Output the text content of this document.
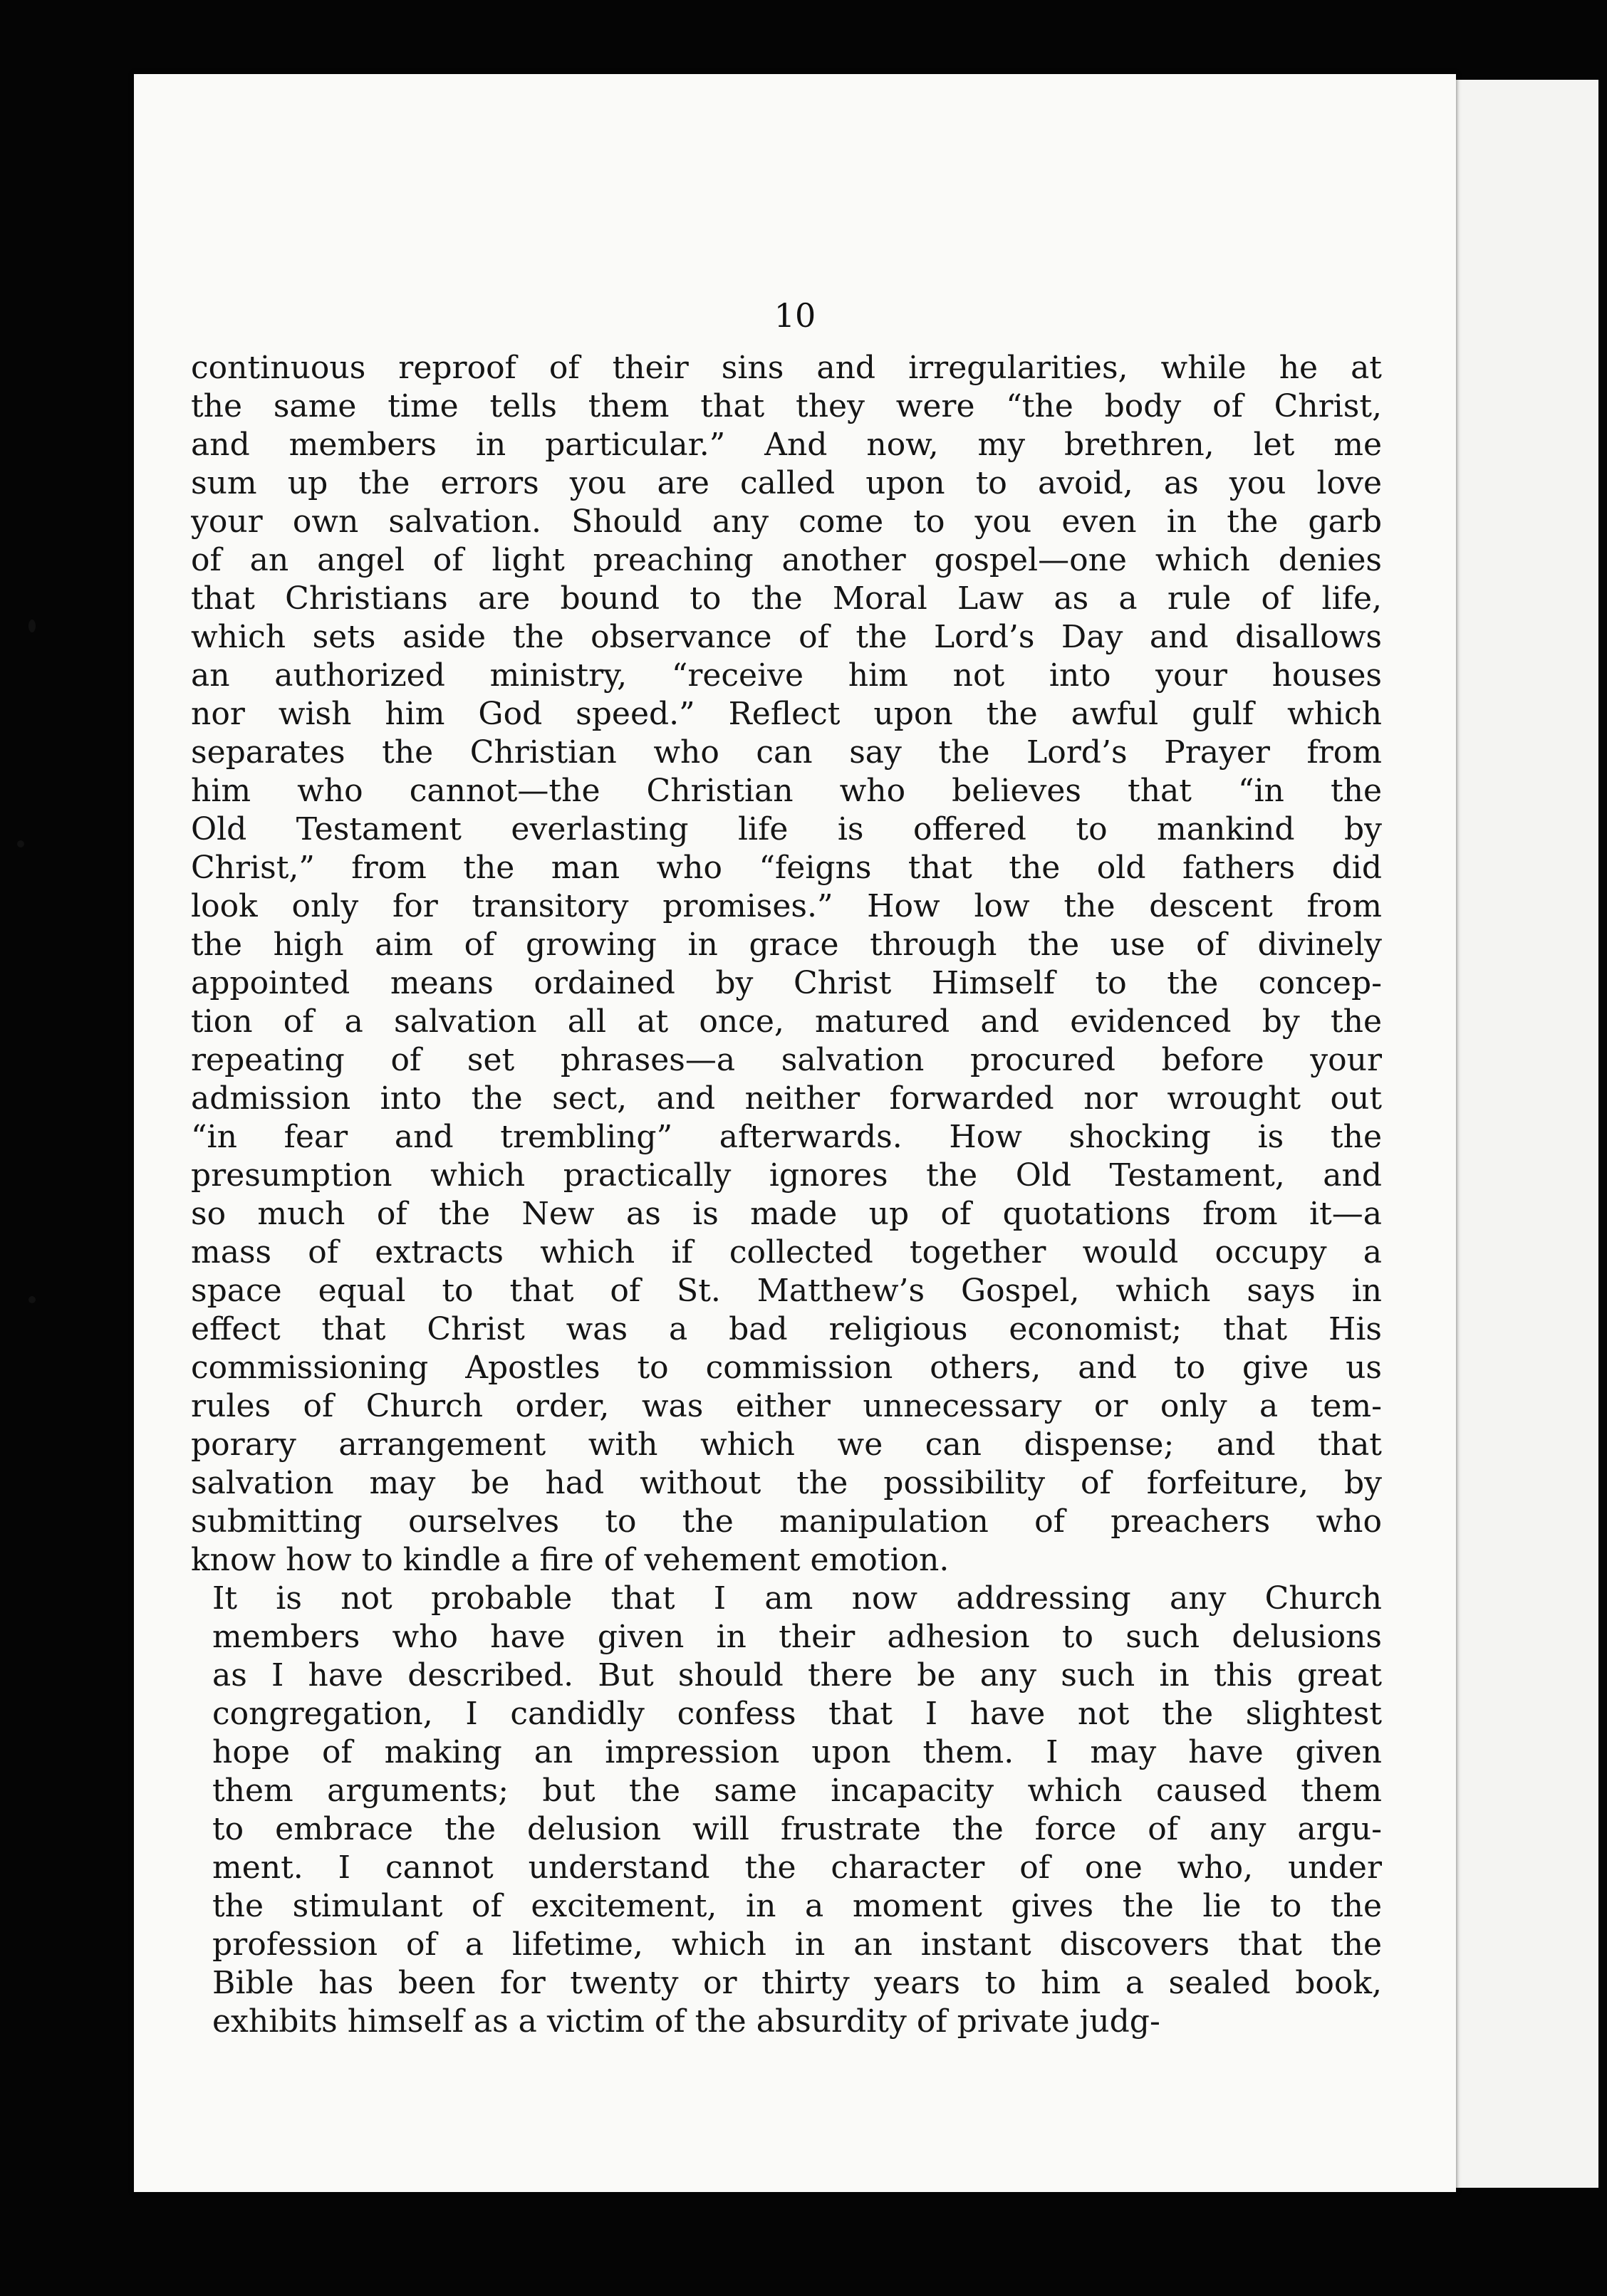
10

continuous reproof of their sins and irregularities, while he at
the same time tells them that they were “the body of Christ,
and members in particular.” And now, my brethren, let me
sum up the errors you are called upon to avoid, as you love
your own salvation. Should any come to you even in the garb
of an angel of light preaching another gospel—one which denies
that Christians are bound to the Moral Law as a rule of life,
which sets aside the observance of the Lord’s Day and disallows
an authorized ministry, “receive him not into your houses
nor wish him God speed.” Reflect upon the awful gulf which
separates the Christian who can say the Lord’s Prayer from
him who cannot—the Christian who believes that “in the
Old Testament everlasting life is offered to mankind by
Christ,” from the man who “feigns that the old fathers did
look only for transitory promises.” How low the descent from
the high aim of growing in grace through the use of divinely
appointed means ordained by Christ Himself to the concep-
tion of a salvation all at once, matured and evidenced by the
repeating of set phrases—a salvation procured before your
admission into the sect, and neither forwarded nor wrought out
“in fear and trembling” afterwards. How shocking is the
presumption which practically ignores the Old Testament, and
so much of the New as is made up of quotations from it—a
mass of extracts which if collected together would occupy a
space equal to that of St. Matthew’s Gospel, which says in
effect that Christ was a bad religious economist; that His
commissioning Apostles to commission others, and to give us
rules of Church order, was either unnecessary or only a tem-
porary arrangement with which we can dispense; and that
salvation may be had without the possibility of forfeiture, by
submitting ourselves to the manipulation of preachers who
know how to kindle a fire of vehement emotion.

It is not probable that I am now addressing any Church
members who have given in their adhesion to such delusions
as I have described. But should there be any such in this great
congregation, I candidly confess that I have not the slightest
hope of making an impression upon them. I may have given
them arguments; but the same incapacity which caused them
to embrace the delusion will frustrate the force of any argu-
ment. I cannot understand the character of one who, under
the stimulant of excitement, in a moment gives the lie to the
profession of a lifetime, which in an instant discovers that the
Bible has been for twenty or thirty years to him a sealed book,
exhibits himself as a victim of the absurdity of private judg-
